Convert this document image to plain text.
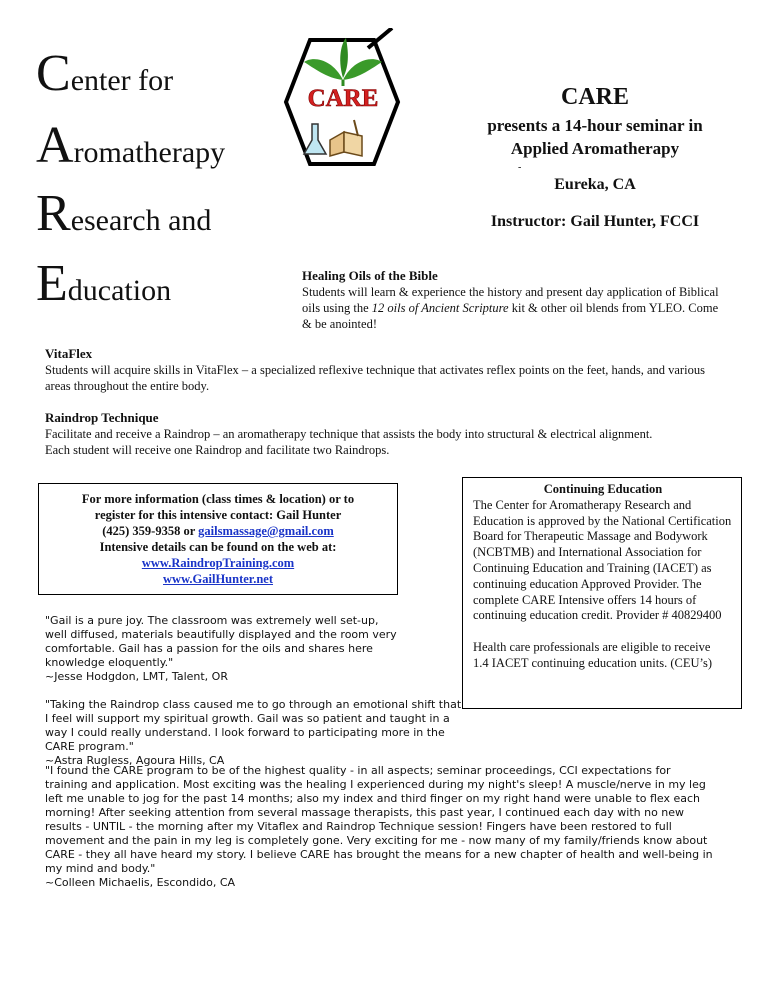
Center for
Aromatherapy
Research and
Education
CARE	CARE
presents a 14-hour seminar in
Applied Aromatherapy
-
Eureka, CA
Instructor: Gail Hunter, FCCI
Healing Oils of the Bible
Students will learn & experience the history and present day application of Biblical oils using the 12 oils of Ancient Scripture kit & other oil blends from YLEO. Come & be anointed!
VitaFlex
Students will acquire skills in VitaFlex – a specialized reflexive technique that activates reflex points on the feet, hands, and various areas throughout the entire body.
Raindrop Technique
Facilitate and receive a Raindrop – an aromatherapy technique that assists the body into structural & electrical alignment.
Each student will receive one Raindrop and facilitate two Raindrops.
For more information (class times & location) or to
register for this intensive contact: Gail Hunter
(425) 359-9358 or gailsmassage@gmail.com
Intensive details can be found on the web at:
www.RaindropTraining.com
www.GailHunter.net
Continuing Education
The Center for Aromatherapy Research and Education is approved by the National Certification Board for Therapeutic Massage and Bodywork (NCBTMB) and International Association for Continuing Education and Training (IACET) as continuing education Approved Provider. The complete CARE Intensive offers 14 hours of continuing education credit. Provider # 40829400
Health care professionals are eligible to receive 1.4 IACET continuing education units. (CEU’s)
"Gail is a pure joy. The classroom was extremely well set-up, well diffused, materials beautifully displayed and the room very comfortable. Gail has a passion for the oils and shares here knowledge eloquently."
~Jesse Hodgdon, LMT, Talent, OR
"Taking the Raindrop class caused me to go through an emotional shift that I feel will support my spiritual growth. Gail was so patient and taught in a way I could really understand. I look forward to participating more in the CARE program."
~Astra Rugless, Agoura Hills, CA
"I found the CARE program to be of the highest quality - in all aspects; seminar proceedings, CCI expectations for training and application. Most exciting was the healing I experienced during my night's sleep! A muscle/nerve in my leg left me unable to jog for the past 14 months; also my index and third finger on my right hand were unable to flex each morning! After seeking attention from several massage therapists, this past year, I continued each day with no new results - UNTIL - the morning after my Vitaflex and Raindrop Technique session! Fingers have been restored to full movement and the pain in my leg is completely gone. Very exciting for me - now many of my family/friends know about CARE - they all have heard my story. I believe CARE has brought the means for a new chapter of health and well-being in my mind and body."
~Colleen Michaelis, Escondido, CA
